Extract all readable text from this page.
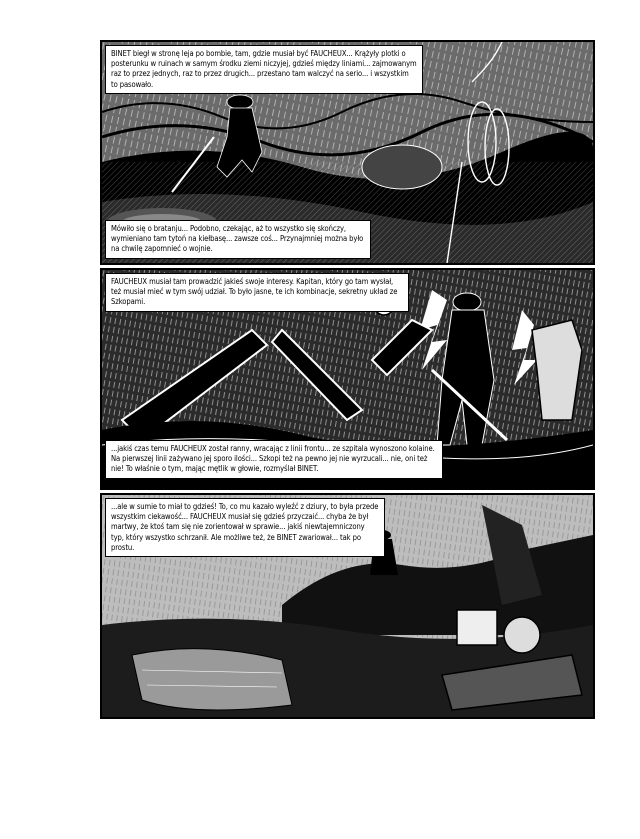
BINET biegł w stronę leja po bombie, tam, gdzie musiał być FAUCHEUX... Krążyły plotki o posterunku w ruinach w samym środku ziemi niczyjej, gdzieś między liniami... zajmowanym raz to przez jednych, raz to przez drugich... przestano tam walczyć na serio... i wszystkim to pasowało.
Mówiło się o bratanju... Podobno, czekając, aż to wszystko się skończy, wymieniano tam tytoń na kiełbasę... zawsze coś... Przynajmniej można było na chwilę zapomnieć o wojnie.
FAUCHEUX musiał tam prowadzić jakieś swoje interesy. Kapitan, który go tam wysłał, też musiał mieć w tym swój udział. To było jasne, te ich kombinacje, sekretny układ ze Szkopami.
...jakiś czas temu FAUCHEUX został ranny, wracając z linii frontu... ze szpitala wynoszono kolaine. Na pierwszej linii zażywano jej sporo ilości... Szkopi też na pewno jej nie wyrzucali... nie, oni też nie! To właśnie o tym, mając mętlik w głowie, rozmyślał BINET.
...ale w sumie to miał to gdzieś! To, co mu kazało wyleźć z dziury, to była przede wszystkim ciekawość... FAUCHEUX musiał się gdzieś przyczaić... chyba że był martwy, że ktoś tam się nie zorientował w sprawie... jakiś niewtajemniczony typ, który wszystko schrzanił. Ale możliwe też, że BINET zwariował... tak po prostu.
